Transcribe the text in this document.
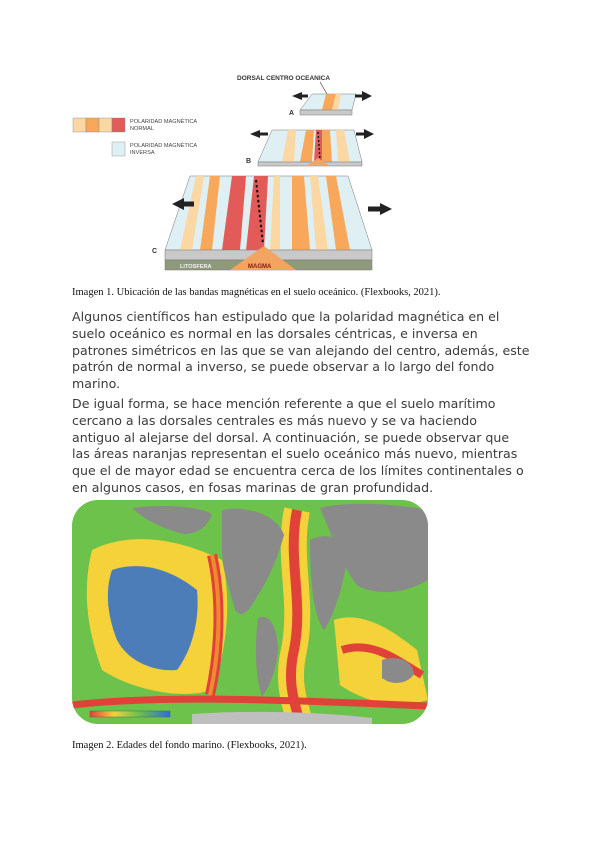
DORSAL CENTRO OCEANICA
POLARIDAD MAGNÉTICA
NORMAL
POLARIDAD MAGNÉTICA
INVERSA
A
B
C
LITOSFERA	MAGMA
Imagen 1. Ubicación de las bandas magnéticas en el suelo oceánico. (Flexbooks, 2021).
Algunos científicos han estipulado que la polaridad magnética en el
suelo oceánico es normal en las dorsales céntricas, e inversa en
patrones simétricos en las que se van alejando del centro, además, este
patrón de normal a inverso, se puede observar a lo largo del fondo
marino.
De igual forma, se hace mención referente a que el suelo marítimo
cercano a las dorsales centrales es más nuevo y se va haciendo
antiguo al alejarse del dorsal. A continuación, se puede observar que
las áreas naranjas representan el suelo oceánico más nuevo, mientras
que el de mayor edad se encuentra cerca de los límites continentales o
en algunos casos, en fosas marinas de gran profundidad.
Imagen 2. Edades del fondo marino. (Flexbooks, 2021).
